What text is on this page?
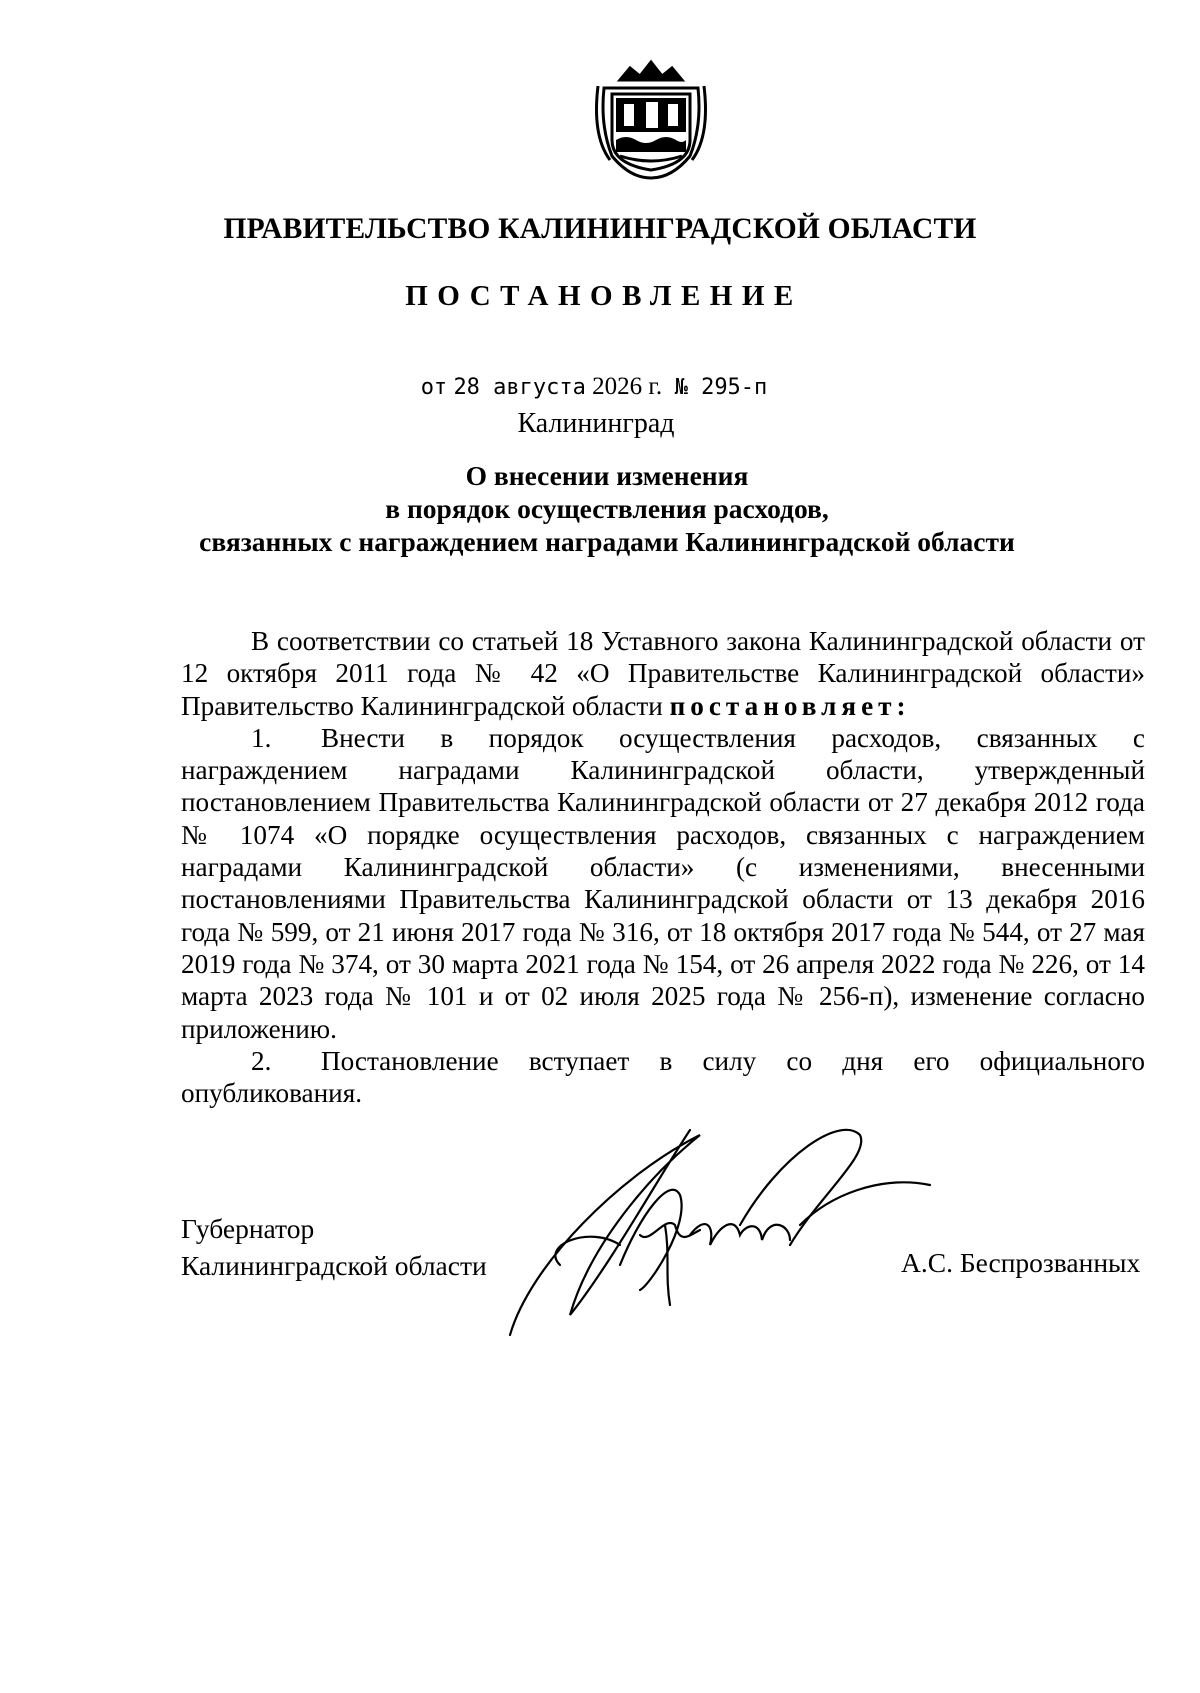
ПРАВИТЕЛЬСТВО КАЛИНИНГРАДСКОЙ ОБЛАСТИ
ПОСТАНОВЛЕНИЕ
от 28 августа 2026 г. № 295-п
Калининград
О внесении изменения
в порядок осуществления расходов,
связанных с награждением наградами Калининградской области

В соответствии со статьей 18 Уставного закона Калининградской области от 12 октября 2011 года № 42 «О Правительстве Калининградской области» Правительство Калининградской области постановляет:

1. Внести в порядок осуществления расходов, связанных с награждением наградами Калининградской области, утвержденный постановлением Правительства Калининградской области от 27 декабря 2012 года № 1074 «О порядке осуществления расходов, связанных с награждением наградами Калининградской области» (с изменениями, внесенными постановлениями Правительства Калининградской области от 13 декабря 2016 года № 599, от 21 июня 2017 года № 316, от 18 октября 2017 года № 544, от 27 мая 2019 года № 374, от 30 марта 2021 года № 154, от 26 апреля 2022 года № 226, от 14 марта 2023 года № 101 и от 02 июля 2025 года № 256-п), изменение согласно приложению.

2. Постановление вступает в силу со дня его официального опубликования.

Губернатор
Калининградской области	А.С. Беспрозванных
